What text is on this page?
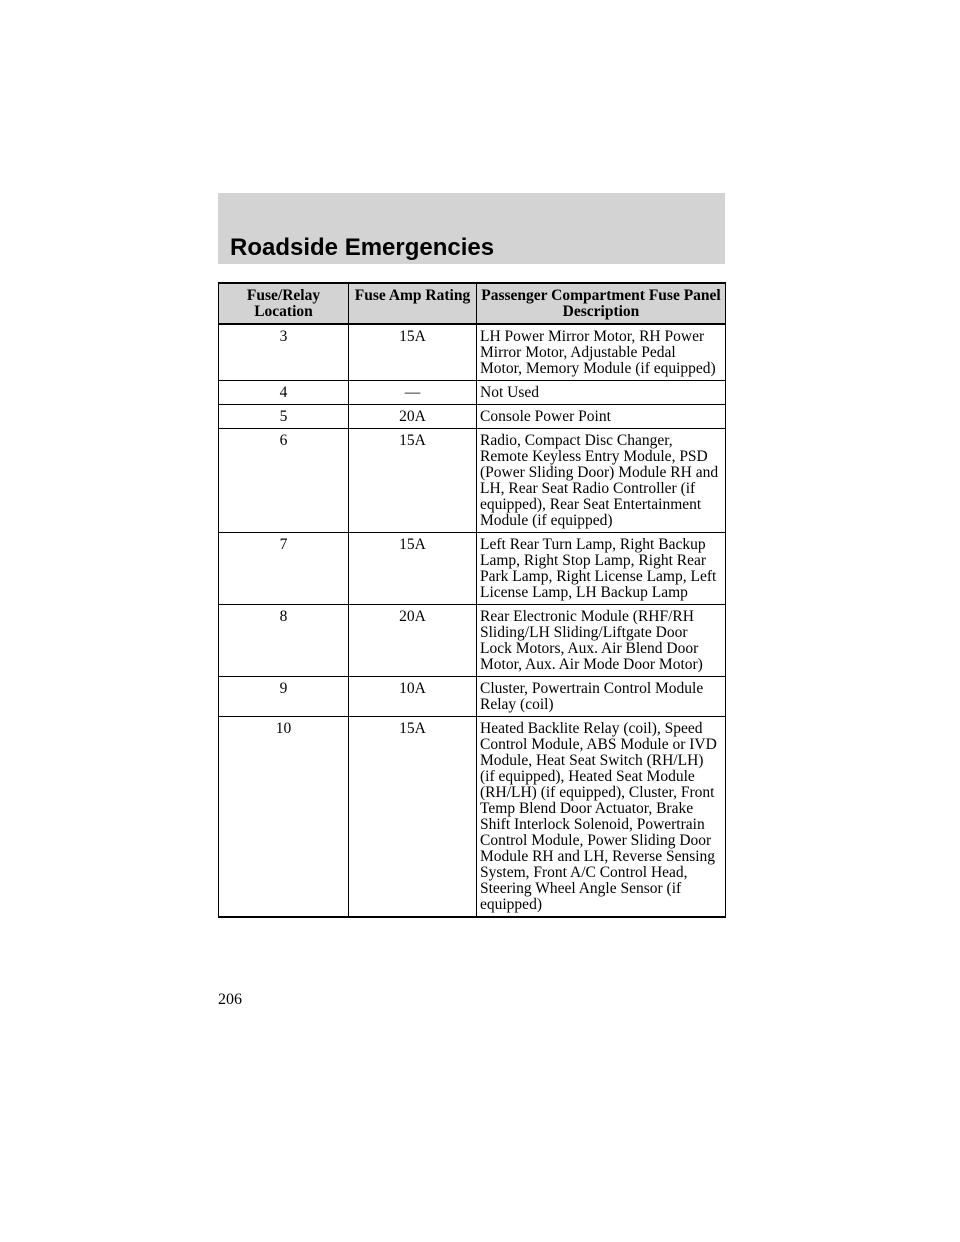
Roadside Emergencies
Fuse/Relay Location	Fuse Amp Rating	Passenger Compartment Fuse Panel Description
3	15A	LH Power Mirror Motor, RH Power Mirror Motor, Adjustable Pedal Motor, Memory Module (if equipped)
4	—	Not Used
5	20A	Console Power Point
6	15A	Radio, Compact Disc Changer, Remote Keyless Entry Module, PSD (Power Sliding Door) Module RH and LH, Rear Seat Radio Controller (if equipped), Rear Seat Entertainment Module (if equipped)
7	15A	Left Rear Turn Lamp, Right Backup Lamp, Right Stop Lamp, Right Rear Park Lamp, Right License Lamp, Left License Lamp, LH Backup Lamp
8	20A	Rear Electronic Module (RHF/RH Sliding/LH Sliding/Liftgate Door Lock Motors, Aux. Air Blend Door Motor, Aux. Air Mode Door Motor)
9	10A	Cluster, Powertrain Control Module Relay (coil)
10	15A	Heated Backlite Relay (coil), Speed Control Module, ABS Module or IVD Module, Heat Seat Switch (RH/LH) (if equipped), Heated Seat Module (RH/LH) (if equipped), Cluster, Front Temp Blend Door Actuator, Brake Shift Interlock Solenoid, Powertrain Control Module, Power Sliding Door Module RH and LH, Reverse Sensing System, Front A/C Control Head, Steering Wheel Angle Sensor (if equipped)

206
